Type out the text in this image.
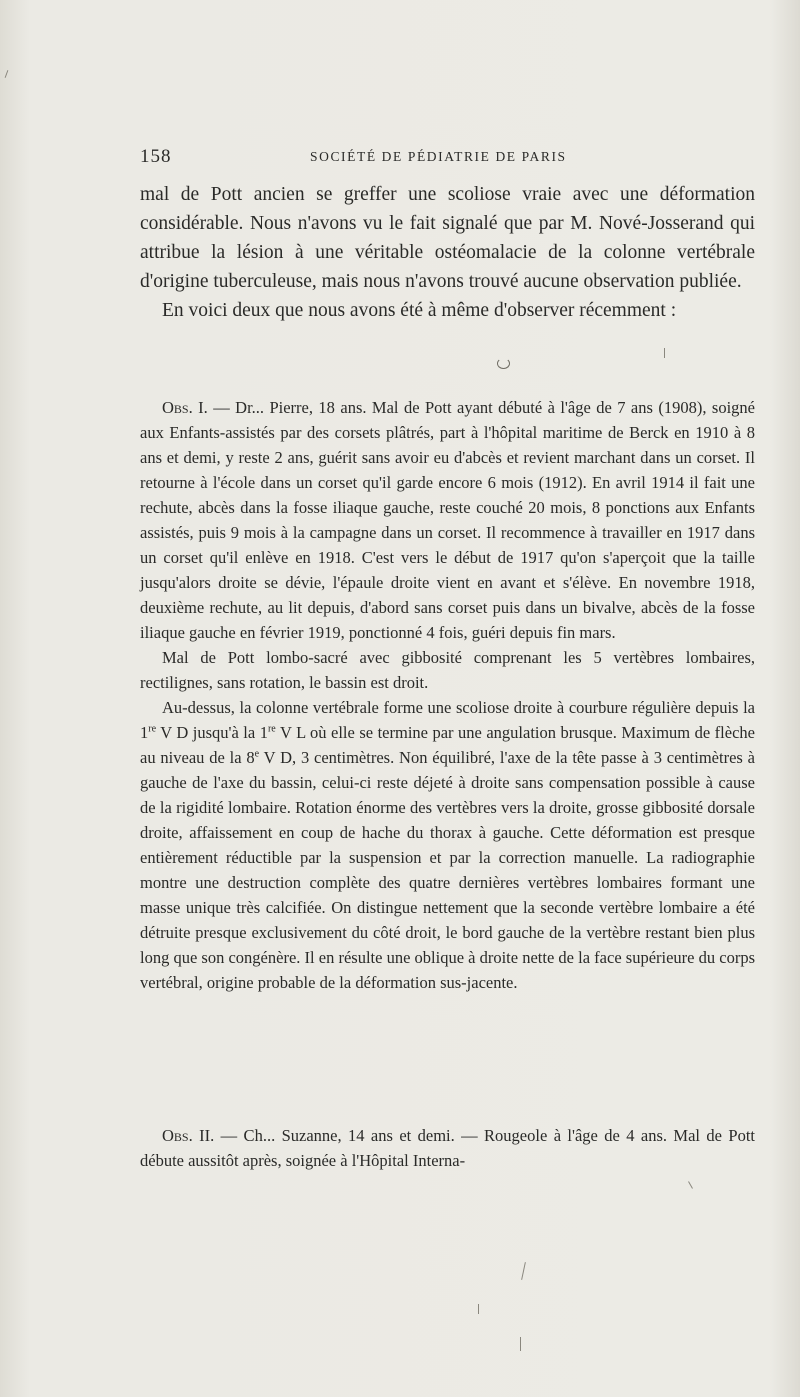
158	SOCIÉTÉ DE PÉDIATRIE DE PARIS

mal de Pott ancien se greffer une scoliose vraie avec une déformation considérable. Nous n'avons vu le fait signalé que par M. Nové-Josserand qui attribue la lésion à une véritable ostéomalacie de la colonne vertébrale d'origine tuberculeuse, mais nous n'avons trouvé aucune observation publiée.

En voici deux que nous avons été à même d'observer récemment :

Obs. I. — Dr... Pierre, 18 ans. Mal de Pott ayant débuté à l'âge de 7 ans (1908), soigné aux Enfants-assistés par des corsets plâtrés, part à l'hôpital maritime de Berck en 1910 à 8 ans et demi, y reste 2 ans, guérit sans avoir eu d'abcès et revient marchant dans un corset. Il retourne à l'école dans un corset qu'il garde encore 6 mois (1912). En avril 1914 il fait une rechute, abcès dans la fosse iliaque gauche, reste couché 20 mois, 8 ponctions aux Enfants assistés, puis 9 mois à la campagne dans un corset. Il recommence à travailler en 1917 dans un corset qu'il enlève en 1918. C'est vers le début de 1917 qu'on s'aperçoit que la taille jusqu'alors droite se dévie, l'épaule droite vient en avant et s'élève. En novembre 1918, deuxième rechute, au lit depuis, d'abord sans corset puis dans un bivalve, abcès de la fosse iliaque gauche en février 1919, ponctionné 4 fois, guéri depuis fin mars.

Mal de Pott lombo-sacré avec gibbosité comprenant les 5 vertèbres lombaires, rectilignes, sans rotation, le bassin est droit.

Au-dessus, la colonne vertébrale forme une scoliose droite à courbure régulière depuis la 1re V D jusqu'à la 1re V L où elle se termine par une angulation brusque. Maximum de flèche au niveau de la 8e V D, 3 centimètres. Non équilibré, l'axe de la tête passe à 3 centimètres à gauche de l'axe du bassin, celui-ci reste déjeté à droite sans compensation possible à cause de la rigidité lombaire. Rotation énorme des vertèbres vers la droite, grosse gibbosité dorsale droite, affaissement en coup de hache du thorax à gauche. Cette déformation est presque entièrement réductible par la suspension et par la correction manuelle. La radiographie montre une destruction complète des quatre dernières vertèbres lombaires formant une masse unique très calcifiée. On distingue nettement que la seconde vertèbre lombaire a été détruite presque exclusivement du côté droit, le bord gauche de la vertèbre restant bien plus long que son congénère. Il en résulte une oblique à droite nette de la face supérieure du corps vertébral, origine probable de la déformation sus-jacente.

Obs. II. — Ch... Suzanne, 14 ans et demi. — Rougeole à l'âge de 4 ans. Mal de Pott débute aussitôt après, soignée à l'Hôpital Interna-
